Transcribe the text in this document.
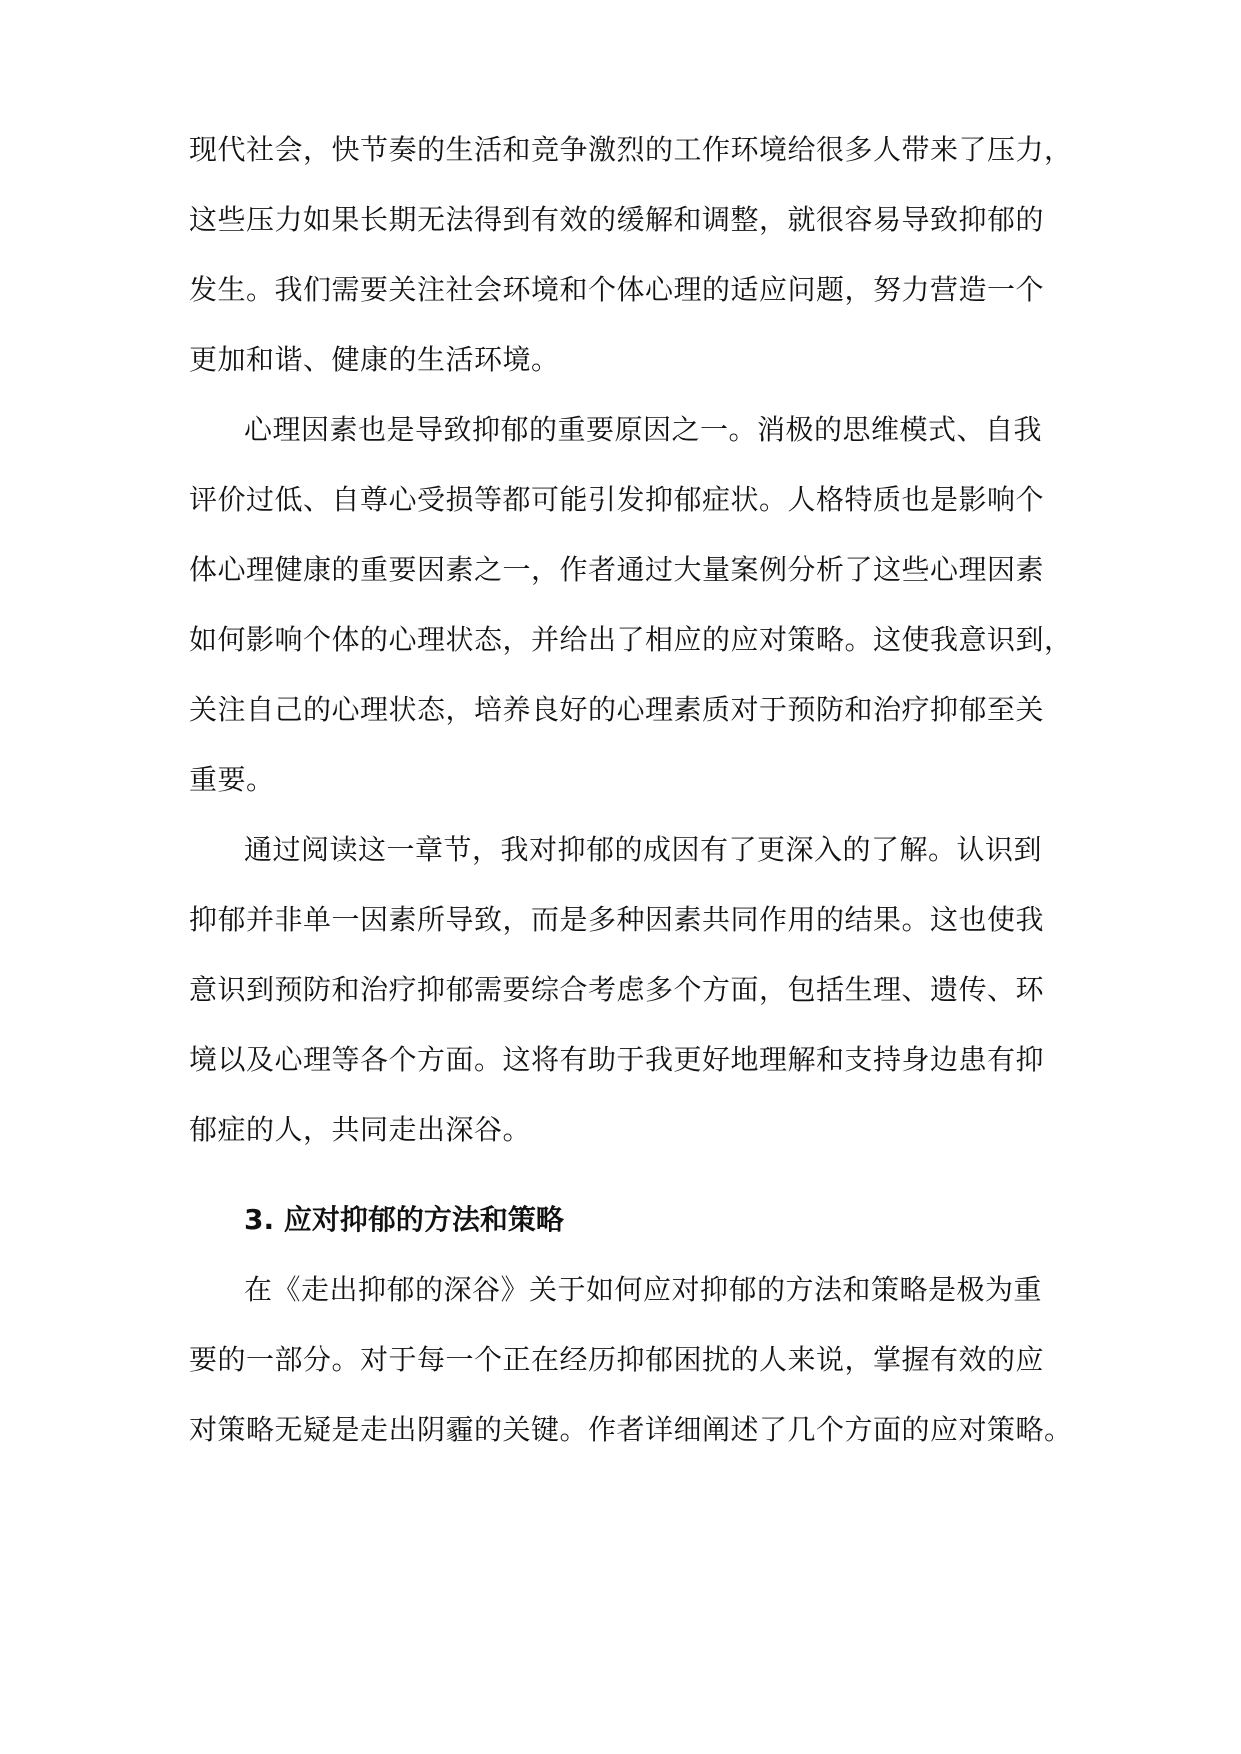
现代社会，快节奏的生活和竞争激烈的工作环境给很多人带来了压力，
这些压力如果长期无法得到有效的缓解和调整，就很容易导致抑郁的
发生。我们需要关注社会环境和个体心理的适应问题，努力营造一个
更加和谐、健康的生活环境。
心理因素也是导致抑郁的重要原因之一。消极的思维模式、自我
评价过低、自尊心受损等都可能引发抑郁症状。人格特质也是影响个
体心理健康的重要因素之一，作者通过大量案例分析了这些心理因素
如何影响个体的心理状态，并给出了相应的应对策略。这使我意识到，
关注自己的心理状态，培养良好的心理素质对于预防和治疗抑郁至关
重要。
通过阅读这一章节，我对抑郁的成因有了更深入的了解。认识到
抑郁并非单一因素所导致，而是多种因素共同作用的结果。这也使我
意识到预防和治疗抑郁需要综合考虑多个方面，包括生理、遗传、环
境以及心理等各个方面。这将有助于我更好地理解和支持身边患有抑
郁症的人，共同走出深谷。
3. 应对抑郁的方法和策略
在《走出抑郁的深谷》关于如何应对抑郁的方法和策略是极为重
要的一部分。对于每一个正在经历抑郁困扰的人来说，掌握有效的应
对策略无疑是走出阴霾的关键。作者详细阐述了几个方面的应对策略。
